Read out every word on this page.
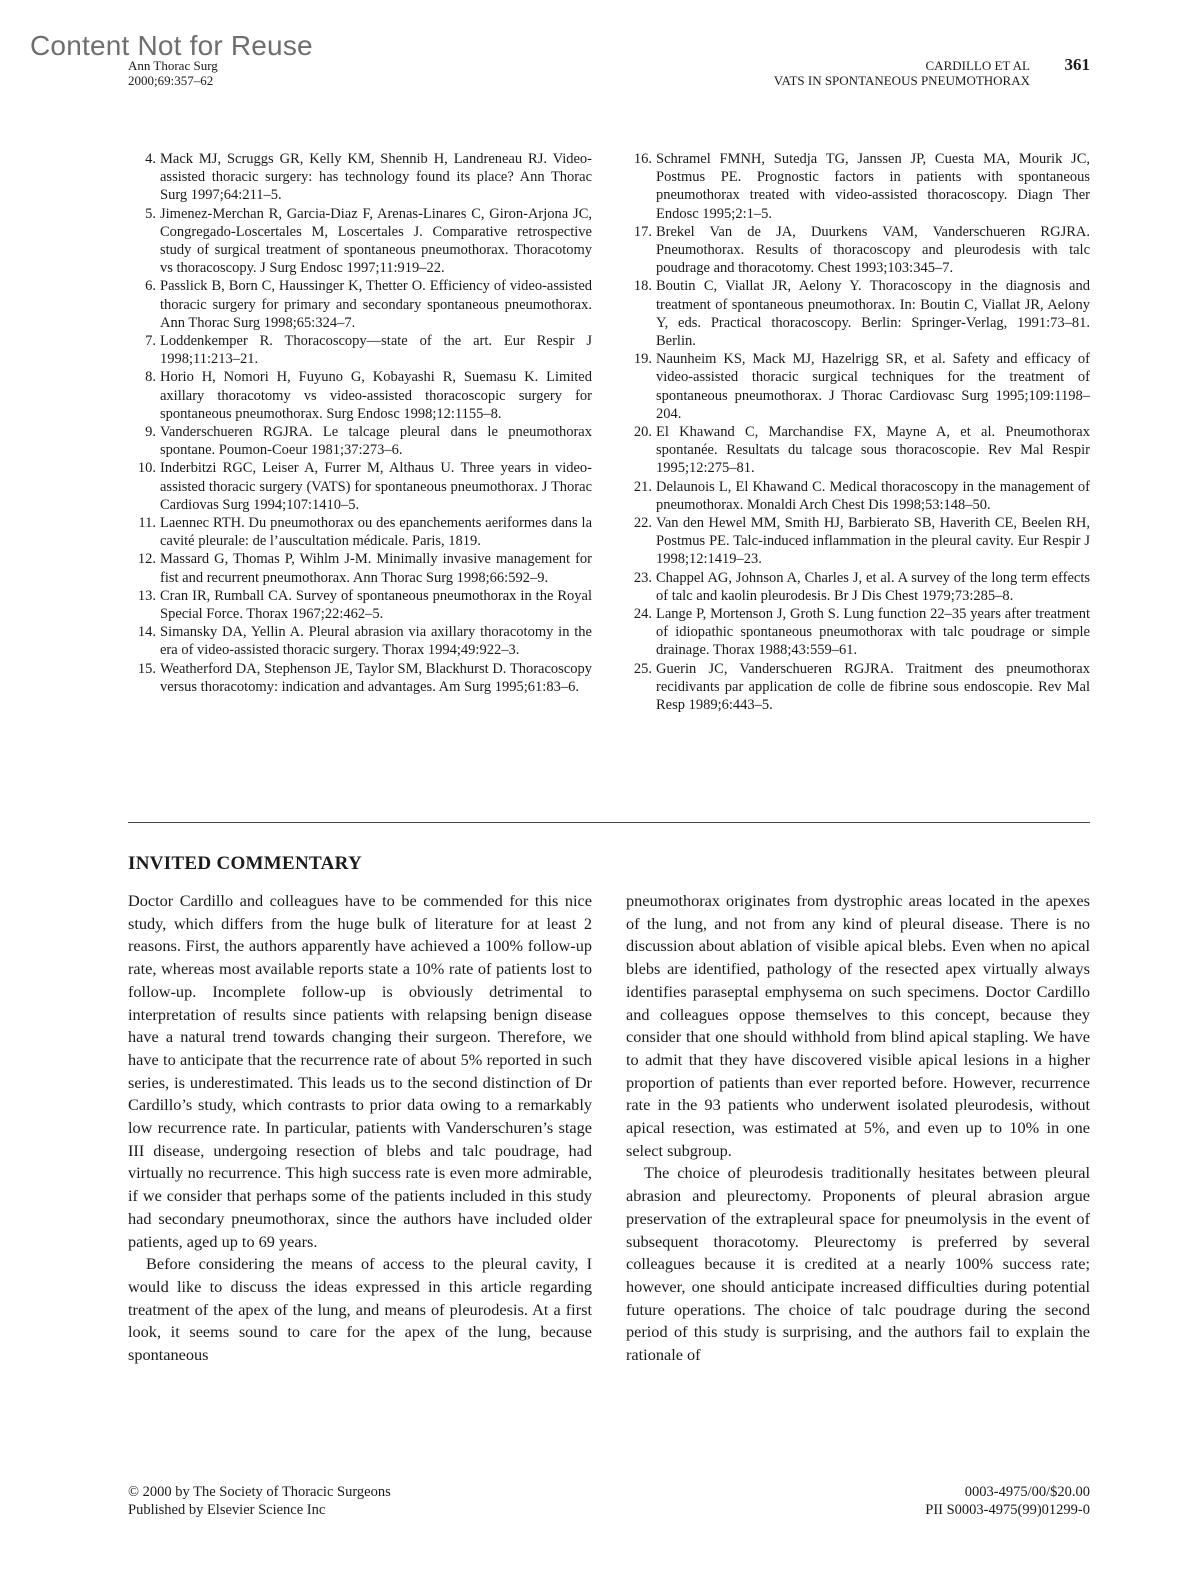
Content Not for Reuse
Ann Thorac Surg
2000;69:357–62
CARDILLO ET AL
VATS IN SPONTANEOUS PNEUMOTHORAX
361
4. Mack MJ, Scruggs GR, Kelly KM, Shennib H, Landreneau RJ. Video-assisted thoracic surgery: has technology found its place? Ann Thorac Surg 1997;64:211–5.
5. Jimenez-Merchan R, Garcia-Diaz F, Arenas-Linares C, Giron-Arjona JC, Congregado-Loscertales M, Loscertales J. Comparative retrospective study of surgical treatment of spontaneous pneumothorax. Thoracotomy vs thoracoscopy. J Surg Endosc 1997;11:919–22.
6. Passlick B, Born C, Haussinger K, Thetter O. Efficiency of video-assisted thoracic surgery for primary and secondary spontaneous pneumothorax. Ann Thorac Surg 1998;65:324–7.
7. Loddenkemper R. Thoracoscopy—state of the art. Eur Respir J 1998;11:213–21.
8. Horio H, Nomori H, Fuyuno G, Kobayashi R, Suemasu K. Limited axillary thoracotomy vs video-assisted thoracoscopic surgery for spontaneous pneumothorax. Surg Endosc 1998;12:1155–8.
9. Vanderschueren RGJRA. Le talcage pleural dans le pneumothorax spontane. Poumon-Coeur 1981;37:273–6.
10. Inderbitzi RGC, Leiser A, Furrer M, Althaus U. Three years in video-assisted thoracic surgery (VATS) for spontaneous pneumothorax. J Thorac Cardiovas Surg 1994;107:1410–5.
11. Laennec RTH. Du pneumothorax ou des epanchements aeriformes dans la cavité pleurale: de l’auscultation médicale. Paris, 1819.
12. Massard G, Thomas P, Wihlm J-M. Minimally invasive management for fist and recurrent pneumothorax. Ann Thorac Surg 1998;66:592–9.
13. Cran IR, Rumball CA. Survey of spontaneous pneumothorax in the Royal Special Force. Thorax 1967;22:462–5.
14. Simansky DA, Yellin A. Pleural abrasion via axillary thoracotomy in the era of video-assisted thoracic surgery. Thorax 1994;49:922–3.
15. Weatherford DA, Stephenson JE, Taylor SM, Blackhurst D. Thoracoscopy versus thoracotomy: indication and advantages. Am Surg 1995;61:83–6.
16. Schramel FMNH, Sutedja TG, Janssen JP, Cuesta MA, Mourik JC, Postmus PE. Prognostic factors in patients with spontaneous pneumothorax treated with video-assisted thoracoscopy. Diagn Ther Endosc 1995;2:1–5.
17. Brekel Van de JA, Duurkens VAM, Vanderschueren RGJRA. Pneumothorax. Results of thoracoscopy and pleurodesis with talc poudrage and thoracotomy. Chest 1993;103:345–7.
18. Boutin C, Viallat JR, Aelony Y. Thoracoscopy in the diagnosis and treatment of spontaneous pneumothorax. In: Boutin C, Viallat JR, Aelony Y, eds. Practical thoracoscopy. Berlin: Springer-Verlag, 1991:73–81. Berlin.
19. Naunheim KS, Mack MJ, Hazelrigg SR, et al. Safety and efficacy of video-assisted thoracic surgical techniques for the treatment of spontaneous pneumothorax. J Thorac Cardiovasc Surg 1995;109:1198–204.
20. El Khawand C, Marchandise FX, Mayne A, et al. Pneumothorax spontanée. Resultats du talcage sous thoracoscopie. Rev Mal Respir 1995;12:275–81.
21. Delaunois L, El Khawand C. Medical thoracoscopy in the management of pneumothorax. Monaldi Arch Chest Dis 1998;53:148–50.
22. Van den Hewel MM, Smith HJ, Barbierato SB, Haverith CE, Beelen RH, Postmus PE. Talc-induced inflammation in the pleural cavity. Eur Respir J 1998;12:1419–23.
23. Chappel AG, Johnson A, Charles J, et al. A survey of the long term effects of talc and kaolin pleurodesis. Br J Dis Chest 1979;73:285–8.
24. Lange P, Mortenson J, Groth S. Lung function 22–35 years after treatment of idiopathic spontaneous pneumothorax with talc poudrage or simple drainage. Thorax 1988;43:559–61.
25. Guerin JC, Vanderschueren RGJRA. Traitment des pneumothorax recidivants par application de colle de fibrine sous endoscopie. Rev Mal Resp 1989;6:443–5.
INVITED COMMENTARY

Doctor Cardillo and colleagues have to be commended for this nice study, which differs from the huge bulk of literature for at least 2 reasons. First, the authors apparently have achieved a 100% follow-up rate, whereas most available reports state a 10% rate of patients lost to follow-up. Incomplete follow-up is obviously detrimental to interpretation of results since patients with relapsing benign disease have a natural trend towards changing their surgeon. Therefore, we have to anticipate that the recurrence rate of about 5% reported in such series, is underestimated. This leads us to the second distinction of Dr Cardillo’s study, which contrasts to prior data owing to a remarkably low recurrence rate. In particular, patients with Vanderschuren’s stage III disease, undergoing resection of blebs and talc poudrage, had virtually no recurrence. This high success rate is even more admirable, if we consider that perhaps some of the patients included in this study had secondary pneumothorax, since the authors have included older patients, aged up to 69 years.

Before considering the means of access to the pleural cavity, I would like to discuss the ideas expressed in this article regarding treatment of the apex of the lung, and means of pleurodesis. At a first look, it seems sound to care for the apex of the lung, because spontaneous

pneumothorax originates from dystrophic areas located in the apexes of the lung, and not from any kind of pleural disease. There is no discussion about ablation of visible apical blebs. Even when no apical blebs are identified, pathology of the resected apex virtually always identifies paraseptal emphysema on such specimens. Doctor Cardillo and colleagues oppose themselves to this concept, because they consider that one should withhold from blind apical stapling. We have to admit that they have discovered visible apical lesions in a higher proportion of patients than ever reported before. However, recurrence rate in the 93 patients who underwent isolated pleurodesis, without apical resection, was estimated at 5%, and even up to 10% in one select subgroup.

The choice of pleurodesis traditionally hesitates between pleural abrasion and pleurectomy. Proponents of pleural abrasion argue preservation of the extrapleural space for pneumolysis in the event of subsequent thoracotomy. Pleurectomy is preferred by several colleagues because it is credited at a nearly 100% success rate; however, one should anticipate increased difficulties during potential future operations. The choice of talc poudrage during the second period of this study is surprising, and the authors fail to explain the rationale of

© 2000 by The Society of Thoracic Surgeons
Published by Elsevier Science Inc
0003-4975/00/$20.00
PII S0003-4975(99)01299-0
